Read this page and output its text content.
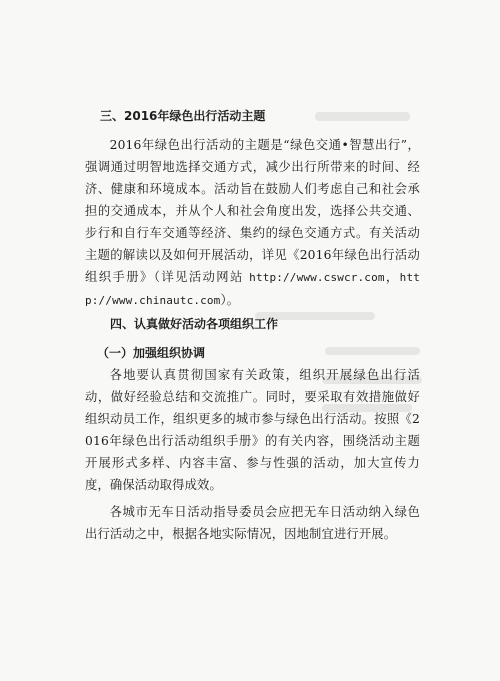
三、2016年绿色出行活动主题

2016年绿色出行活动的主题是“绿色交通•智慧出行”，强调通过明智地选择交通方式，减少出行所带来的时间、经济、健康和环境成本。活动旨在鼓励人们考虑自己和社会承担的交通成本，并从个人和社会角度出发，选择公共交通、步行和自行车交通等经济、集约的绿色交通方式。有关活动主题的解读以及如何开展活动，详见《2016年绿色出行活动组织手册》（详见活动网站 http://www.cswcr.com，http://www.chinautc.com）。

四、认真做好活动各项组织工作
（一）加强组织协调

各地要认真贯彻国家有关政策，组织开展绿色出行活动，做好经验总结和交流推广。同时，要采取有效措施做好组织动员工作，组织更多的城市参与绿色出行活动。按照《2016年绿色出行活动组织手册》的有关内容，围绕活动主题开展形式多样、内容丰富、参与性强的活动，加大宣传力度，确保活动取得成效。

各城市无车日活动指导委员会应把无车日活动纳入绿色出行活动之中，根据各地实际情况，因地制宜进行开展。
